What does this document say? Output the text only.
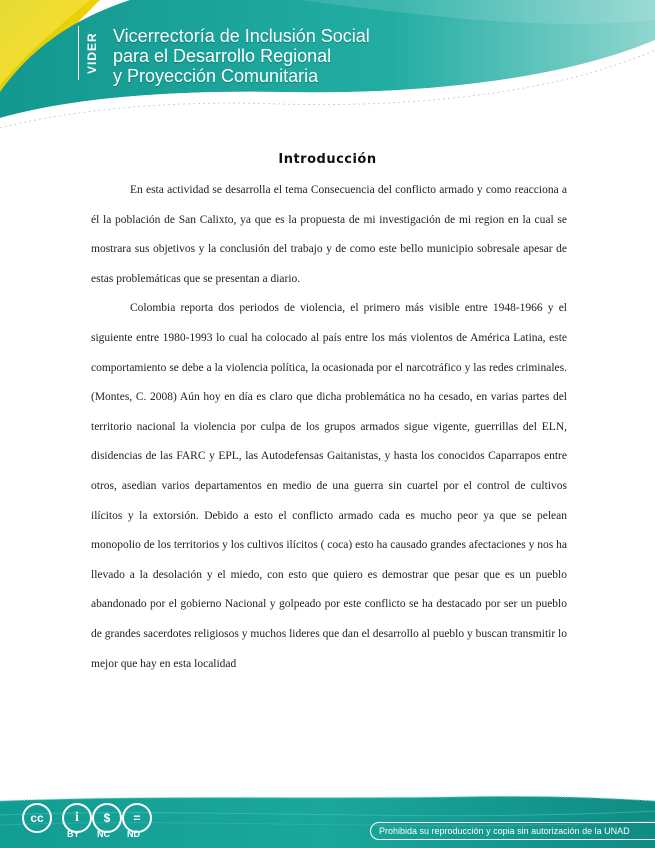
VIDER Vicerrectoría de Inclusión Social
para el Desarrollo Regional
y Proyección Comunitaria
Introducción

En esta actividad se desarrolla el tema Consecuencia del conflicto armado y como reacciona a él la población de San Calixto, ya que es la propuesta de mi investigación de mi region en la cual se mostrara sus objetivos y la conclusión del trabajo y de como este bello municipio sobresale apesar de estas problemáticas que se presentan a diario.

Colombia reporta dos periodos de violencia, el primero más visible entre 1948-1966 y el siguiente entre 1980-1993 lo cual ha colocado al país entre los más violentos de América Latina, este comportamiento se debe a la violencia política, la ocasionada por el narcotráfico y las redes criminales. (Montes, C. 2008) Aún hoy en día es claro que dicha problemática no ha cesado, en varias partes del territorio nacional la violencia por culpa de los grupos armados sigue vigente, guerrillas del ELN, disidencias de las FARC y EPL, las Autodefensas Gaitanistas, y hasta los conocidos Caparrapos entre otros, asedian varios departamentos en medio de una guerra sin cuartel por el control de cultivos ilícitos y la extorsión. Debido a esto el conflicto armado cada es mucho peor ya que se pelean monopolio de los territorios y los cultivos ilícitos ( coca) esto ha causado grandes afectaciones y nos ha llevado a la desolación y el miedo, con esto que quiero es demostrar que pesar que es un pueblo abandonado por el gobierno Nacional y golpeado por este conflicto se ha destacado por ser un pueblo de grandes sacerdotes religiosos y muchos lideres que dan el desarrollo al pueblo y buscan transmitir lo mejor que hay en esta localidad

cc	i	$	=
BY NC ND	Prohibida su reproducción y copia sin autorización de la UNAD
